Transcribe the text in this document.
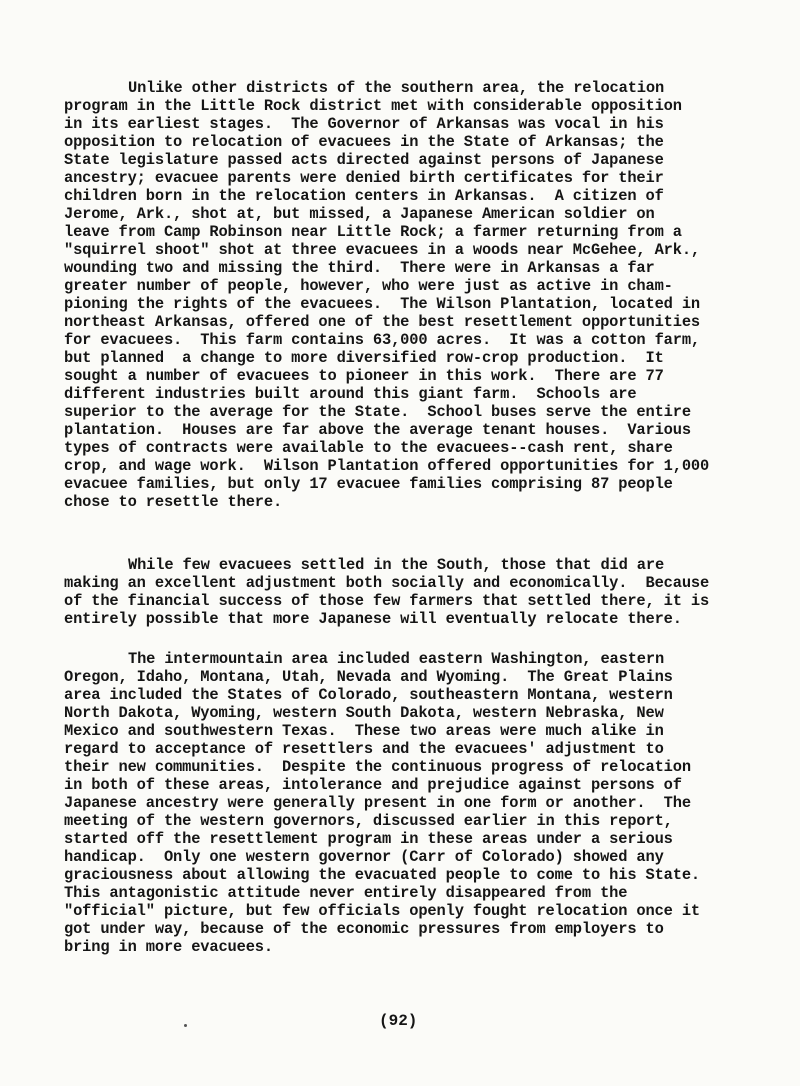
Unlike other districts of the southern area, the relocation
program in the Little Rock district met with considerable opposition
in its earliest stages.  The Governor of Arkansas was vocal in his
opposition to relocation of evacuees in the State of Arkansas; the
State legislature passed acts directed against persons of Japanese
ancestry; evacuee parents were denied birth certificates for their
children born in the relocation centers in Arkansas.  A citizen of
Jerome, Ark., shot at, but missed, a Japanese American soldier on
leave from Camp Robinson near Little Rock; a farmer returning from a
"squirrel shoot" shot at three evacuees in a woods near McGehee, Ark.,
wounding two and missing the third.  There were in Arkansas a far
greater number of people, however, who were just as active in cham-
pioning the rights of the evacuees.  The Wilson Plantation, located in
northeast Arkansas, offered one of the best resettlement opportunities
for evacuees.  This farm contains 63,000 acres.  It was a cotton farm,
but planned  a change to more diversified row-crop production.  It
sought a number of evacuees to pioneer in this work.  There are 77
different industries built around this giant farm.  Schools are
superior to the average for the State.  School buses serve the entire
plantation.  Houses are far above the average tenant houses.  Various
types of contracts were available to the evacuees--cash rent, share
crop, and wage work.  Wilson Plantation offered opportunities for 1,000
evacuee families, but only 17 evacuee families comprising 87 people
chose to resettle there.
While few evacuees settled in the South, those that did are
making an excellent adjustment both socially and economically.  Because
of the financial success of those few farmers that settled there, it is
entirely possible that more Japanese will eventually relocate there.
The intermountain area included eastern Washington, eastern
Oregon, Idaho, Montana, Utah, Nevada and Wyoming.  The Great Plains
area included the States of Colorado, southeastern Montana, western
North Dakota, Wyoming, western South Dakota, western Nebraska, New
Mexico and southwestern Texas.  These two areas were much alike in
regard to acceptance of resettlers and the evacuees' adjustment to
their new communities.  Despite the continuous progress of relocation
in both of these areas, intolerance and prejudice against persons of
Japanese ancestry were generally present in one form or another.  The
meeting of the western governors, discussed earlier in this report,
started off the resettlement program in these areas under a serious
handicap.  Only one western governor (Carr of Colorado) showed any
graciousness about allowing the evacuated people to come to his State.
This antagonistic attitude never entirely disappeared from the
"official" picture, but few officials openly fought relocation once it
got under way, because of the economic pressures from employers to
bring in more evacuees.
(92)
